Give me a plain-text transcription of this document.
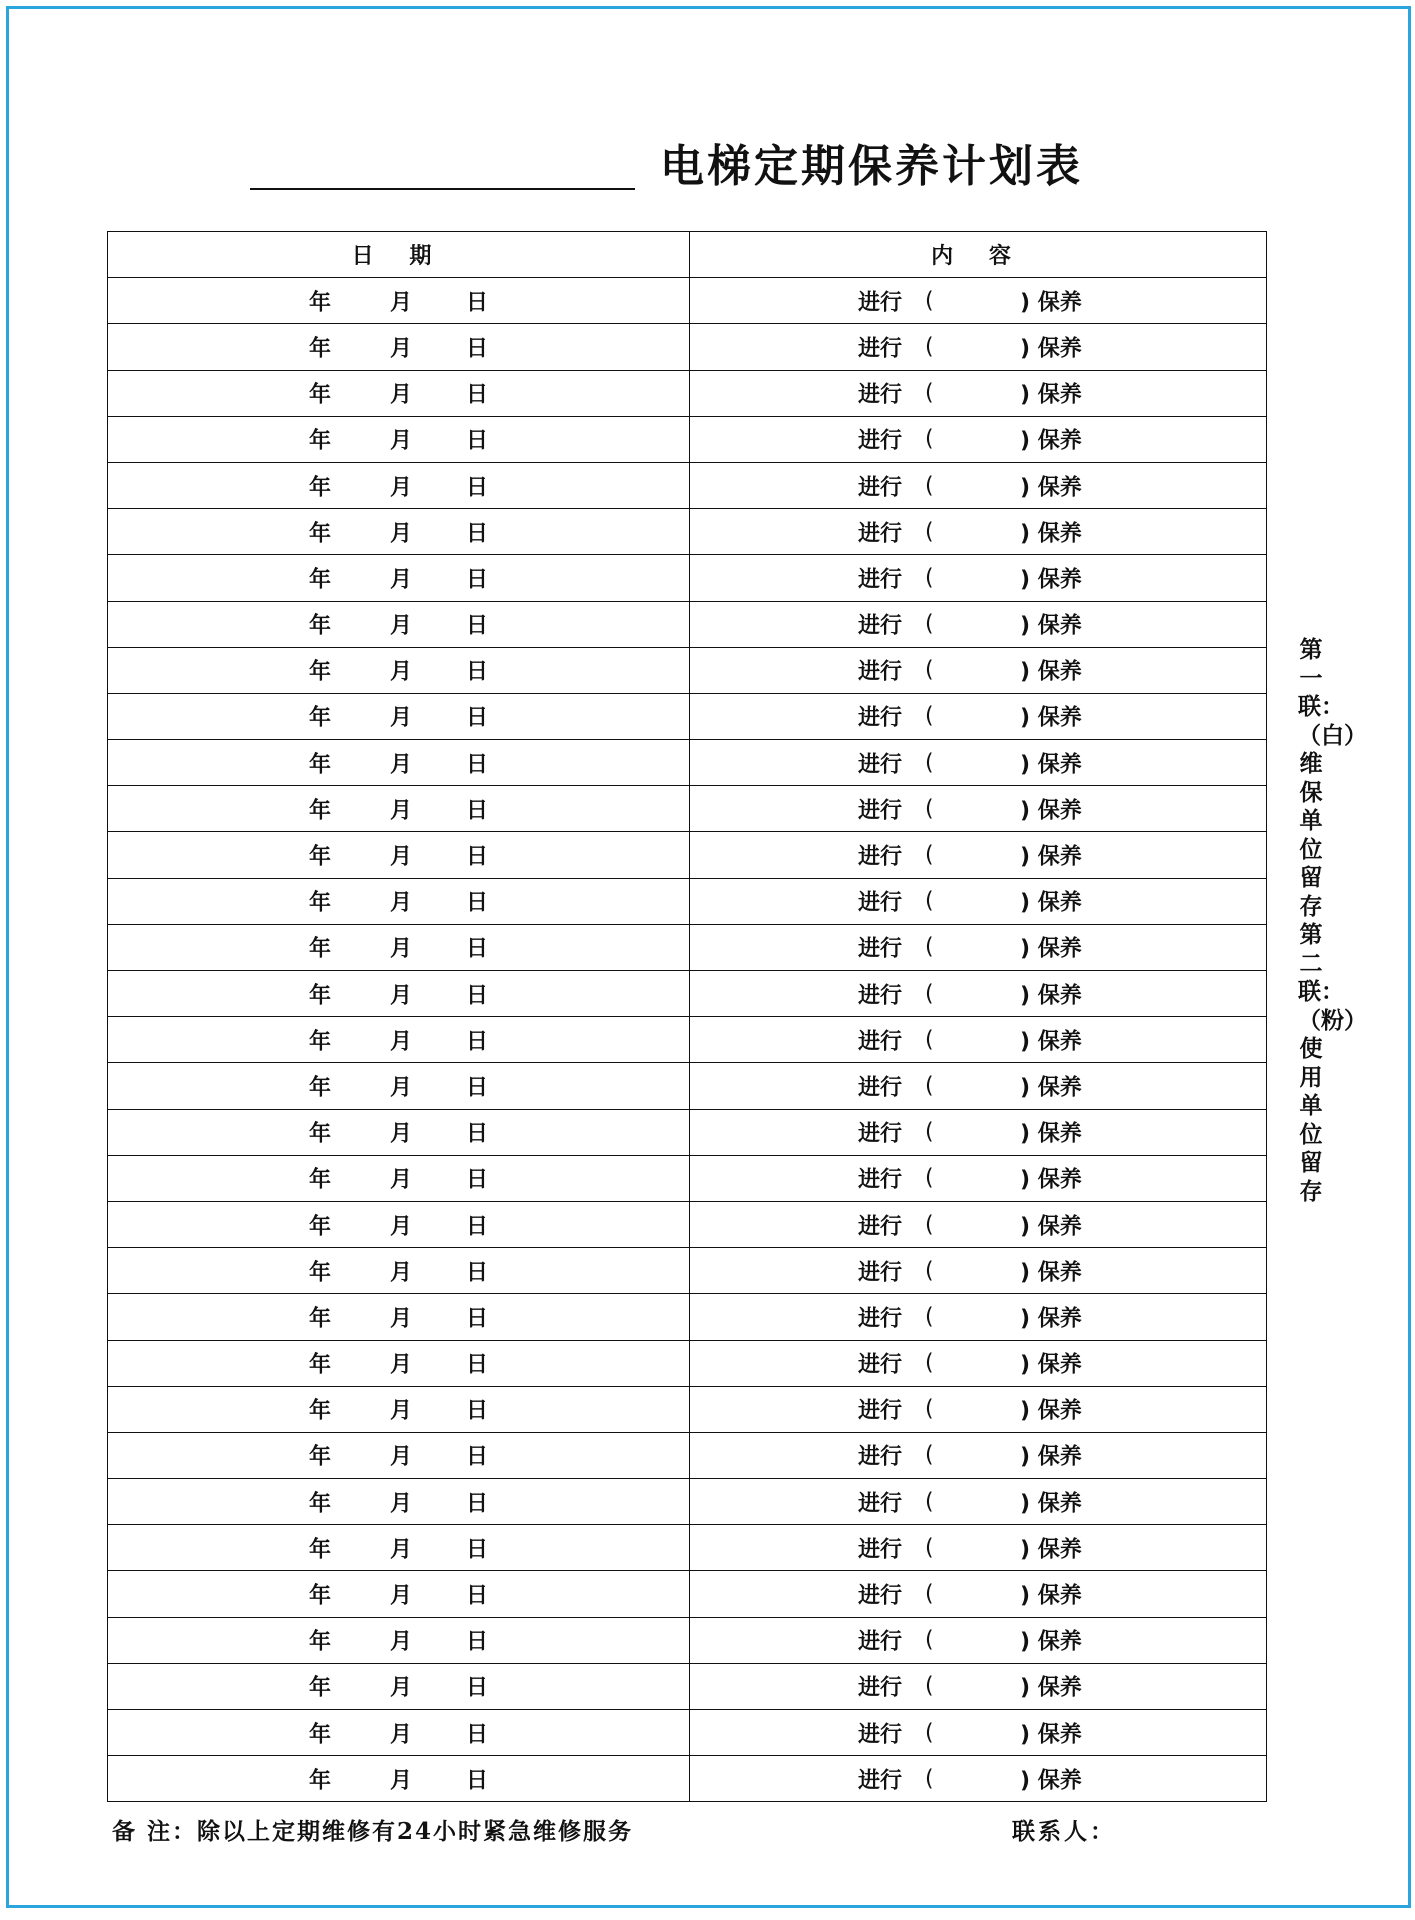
电梯定期保养计划表
日 期	内 容

年 月 日	进行 ( ) 保养

年 月 日	进行 ( ) 保养

年 月 日	进行 ( ) 保养

年 月 日	进行 ( ) 保养

年 月 日	进行 ( ) 保养

年 月 日	进行 ( ) 保养

年 月 日	进行 ( ) 保养

年 月 日	进行 ( ) 保养

年 月 日	进行 ( ) 保养

年 月 日	进行 ( ) 保养

年 月 日	进行 ( ) 保养

年 月 日	进行 ( ) 保养

年 月 日	进行 ( ) 保养

年 月 日	进行 ( ) 保养

年 月 日	进行 ( ) 保养

年 月 日	进行 ( ) 保养

年 月 日	进行 ( ) 保养

年 月 日	进行 ( ) 保养

年 月 日	进行 ( ) 保养

年 月 日	进行 ( ) 保养

年 月 日	进行 ( ) 保养

年 月 日	进行 ( ) 保养

年 月 日	进行 ( ) 保养

年 月 日	进行 ( ) 保养

年 月 日	进行 ( ) 保养

年 月 日	进行 ( ) 保养

年 月 日	进行 ( ) 保养

年 月 日	进行 ( ) 保养

年 月 日	进行 ( ) 保养

年 月 日	进行 ( ) 保养

年 月 日	进行 ( ) 保养

年 月 日	进行 ( ) 保养

年 月 日	进行 ( ) 保养
第一联：（白）维保单位留存 第二联：（粉）使用单位留存
备 注：除以上定期维修有24小时紧急维修服务	联系人：
